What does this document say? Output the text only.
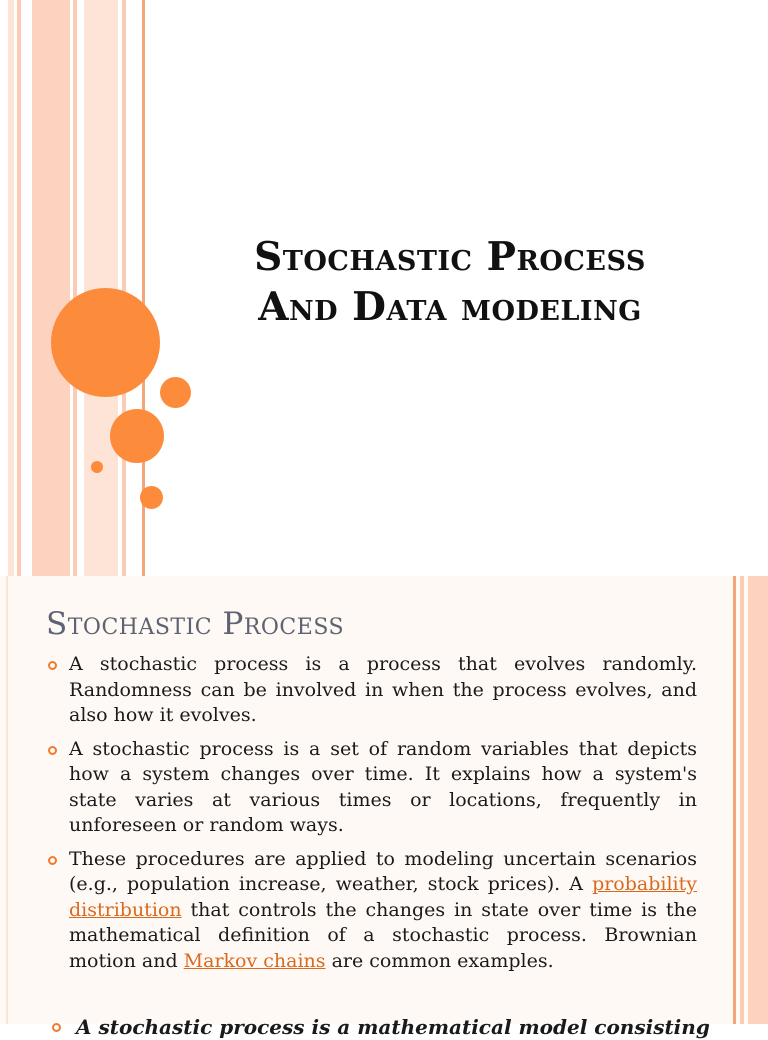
Stochastic Process
And Data modeling
Stochastic Process
A stochastic process is a process that evolves randomly. Randomness can be involved in when the process evolves, and also how it evolves.
A stochastic process is a set of random variables that depicts how a system changes over time. It explains how a system's state varies at various times or locations, frequently in unforeseen or random ways.
These procedures are applied to modeling uncertain scenarios (e.g., population increase, weather, stock prices). A probability distribution that controls the changes in state over time is the mathematical definition of a stochastic process. Brownian motion and Markov chains are common examples.
A stochastic process is a mathematical model consisting
